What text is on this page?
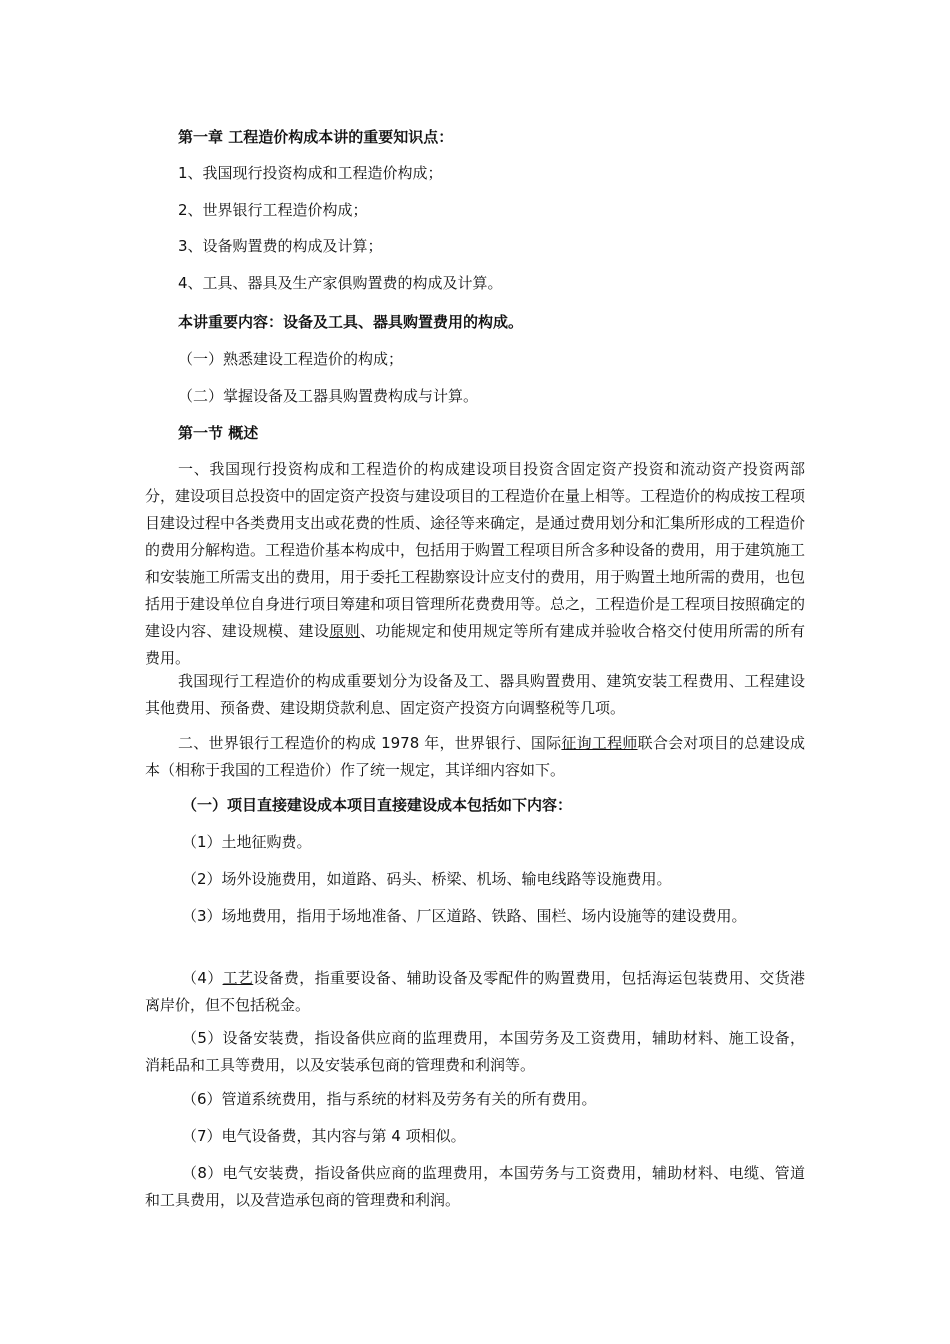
第一章 工程造价构成本讲的重要知识点：

1、我国现行投资构成和工程造价构成；

2、世界银行工程造价构成；

3、设备购置费的构成及计算；

4、工具、器具及生产家俱购置费的构成及计算。

本讲重要内容：设备及工具、器具购置费用的构成。

（一）熟悉建设工程造价的构成；

（二）掌握设备及工器具购置费构成与计算。

第一节 概述

一、我国现行投资构成和工程造价的构成建设项目投资含固定资产投资和流动资产投资两部分，建设项目总投资中的固定资产投资与建设项目的工程造价在量上相等。工程造价的构成按工程项目建设过程中各类费用支出或花费的性质、途径等来确定，是通过费用划分和汇集所形成的工程造价的费用分解构造。工程造价基本构成中，包括用于购置工程项目所含多种设备的费用，用于建筑施工和安装施工所需支出的费用，用于委托工程勘察设计应支付的费用，用于购置土地所需的费用，也包括用于建设单位自身进行项目筹建和项目管理所花费费用等。总之，工程造价是工程项目按照确定的建设内容、建设规模、建设原则、功能规定和使用规定等所有建成并验收合格交付使用所需的所有费用。

我国现行工程造价的构成重要划分为设备及工、器具购置费用、建筑安装工程费用、工程建设其他费用、预备费、建设期贷款利息、固定资产投资方向调整税等几项。

二、世界银行工程造价的构成 1978 年，世界银行、国际征询工程师联合会对项目的总建设成本（相称于我国的工程造价）作了统一规定，其详细内容如下。

（一）项目直接建设成本项目直接建设成本包括如下内容：

（1）土地征购费。

（2）场外设施费用，如道路、码头、桥梁、机场、输电线路等设施费用。

（3）场地费用，指用于场地准备、厂区道路、铁路、围栏、场内设施等的建设费用。

（4）工艺设备费，指重要设备、辅助设备及零配件的购置费用，包括海运包装费用、交货港离岸价，但不包括税金。

（5）设备安装费，指设备供应商的监理费用，本国劳务及工资费用，辅助材料、施工设备，消耗品和工具等费用，以及安装承包商的管理费和利润等。

（6）管道系统费用，指与系统的材料及劳务有关的所有费用。

（7）电气设备费，其内容与第 4 项相似。

（8）电气安装费，指设备供应商的监理费用，本国劳务与工资费用，辅助材料、电缆、管道和工具费用，以及营造承包商的管理费和利润。
